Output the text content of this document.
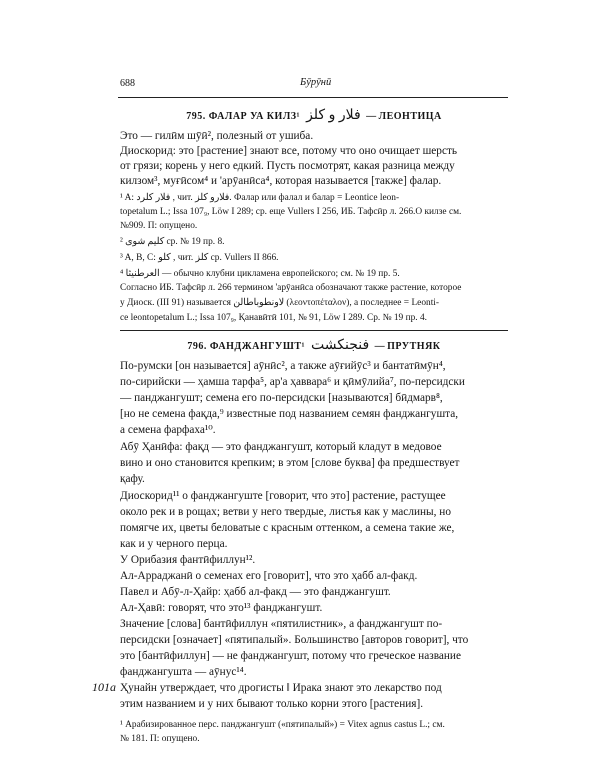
688	Бӯрӯнӣ
795. ФАЛАР УА КИЛЗ¹ فلار و كلز — ЛЕОНТИЦА
Это — гилӣм шӯӣ², полезный от ушиба.
Диоскорид: это [растение] знают все, потому что оно очищает шерсть
от грязи; корень у него едкий. Пусть посмотрят, какая разница между
килзом³, муғӣсом⁴ и 'арӯанӣса⁴, которая называется [также] фалар.
¹ A: فلار كلرد , чит. فلارو كلز. Фалар или фалал и балар = Leontice leon-
topetalum L.; Issa 107₉, Löw I 289; ср. еще Vullers I 256, ИБ. Тафсӣр л. 266.О килзе см.
№909. П: опущено.
² كليم شوى ср. № 19 пр. 8.
³ A, B, C: كلو , чит. كلز ср. Vullers II 866.
⁴ العرطنيثا — обычно клубни цикламена европейского; см. № 19 пр. 5.
Согласно ИБ. Тафсӣр л. 266 термином 'арӯанӣса обозначают также растение, которое
у Диоск. (III 91) называется لاونطوباطالن (λεοντοπέταλον), а последнее = Leonti-
ce leontopetalum L.; Issa 107₉, Қанавӣтӣ 101, № 91, Löw I 289. Ср. № 19 пр. 4.
796. ФАНДЖАНГУШТ¹ فنجنكشت — ПРУТНЯК
По-румски [он называется] аӯнӣс², а также аӯғийӯс³ и бантатӣмӯн⁴,
по-сирийски — ҳамша тарфа⁵, ар'а ҳаввара⁶ и қӣмӯлийа⁷, по-персидски
— панджангушт; семена его по-персидски [называются] бӣдмарв⁸,
[но не семена фақда,⁹ известные под названием семян фанджангушта,
а семена фарфаха¹⁰.
Абӯ Ҳанӣфа: фақд — это фанджангушт, который кладут в медовое
вино и оно становится крепким; в этом [слове буква] фа предшествует
қафу.
Диоскорид¹¹ о фанджангуште [говорит, что это] растение, растущее
около рек и в рощах; ветви у него твердые, листья как у маслины, но
помягче их, цветы беловатые с красным оттенком, а семена такие же,
как и у черного перца.
У Орибазия фантӣфиллун¹².
Ал-Арраджанӣ о семенах его [говорит], что это ҳабб ал-факд.
Павел и Абӯ-л-Ҳайр: ҳабб ал-факд — это фанджангушт.
Ал-Ҳавӣ: говорят, что это¹³ фанджангушт.
Значение [слова] бантӣфиллун «пятилистник», а фанджангушт по-
персидски [означает] «пятипалый». Большинство [авторов говорит], что
это [бантӣфиллун] — не фанджангушт, потому что греческое название
фанджангушта — аӯнус¹⁴.
101a Ҳунайн утверждает, что дрогисты ‖ Ирака знают это лекарство под
этим названием и у них бывают только корни этого [растения].
¹ Арабизированное перс. панджангушт («пятипалый») = Vitex agnus castus L.; см.
№ 181. П: опущено.
